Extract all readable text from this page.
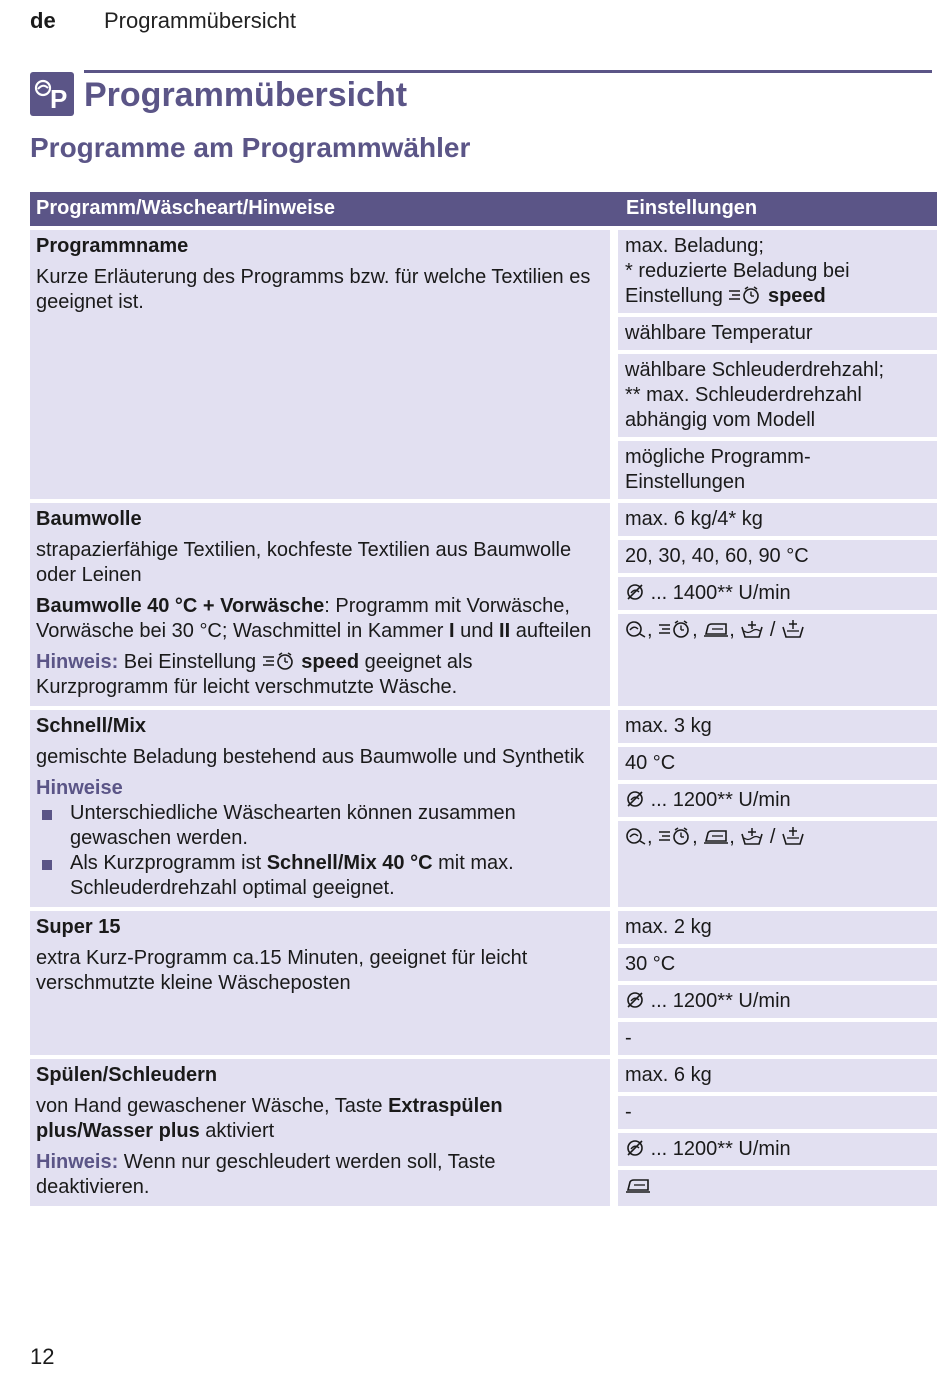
de Programmübersicht
P Programmübersicht
Programme am Programmwähler
Programm/Wäscheart/Hinweise	Einstellungen
Programmname
Kurze Erläuterung des Programms bzw. für welche Textilien es geeignet ist.
max. Beladung;
* reduzierte Beladung bei Einstellung  speed
wählbare Temperatur
wählbare Schleuderdrehzahl;
** max. Schleuderdrehzahl abhängig vom Modell
mögliche Programm-Einstellungen
Baumwolle
strapazierfähige Textilien, kochfeste Textilien aus Baumwolle oder Leinen
Baumwolle 40 °C + Vorwäsche: Programm mit Vorwäsche, Vorwäsche bei 30 °C; Waschmittel in Kammer I und II aufteilen
Hinweis: Bei Einstellung  speed geeignet als Kurzprogramm für leicht verschmutzte Wäsche.
max. 6 kg/4* kg
20, 30, 40, 60, 90 °C
... 1400** U/min
, , ,  /
Schnell/Mix
gemischte Beladung bestehend aus Baumwolle und Synthetik
Hinweise
Unterschiedliche Wäschearten können zusammen gewaschen werden.
Als Kurzprogramm ist Schnell/Mix 40 °C mit max. Schleuderdrehzahl optimal geeignet.
max. 3 kg
40 °C
... 1200** U/min
, , ,  /
Super 15
extra Kurz-Programm ca.15 Minuten, geeignet für leicht verschmutzte kleine Wäscheposten
max. 2 kg
30 °C
... 1200** U/min
-
Spülen/Schleudern
von Hand gewaschener Wäsche, Taste Extraspülen plus/Wasser plus aktiviert
Hinweis: Wenn nur geschleudert werden soll, Taste deaktivieren.
max. 6 kg
-
... 1200** U/min
12
